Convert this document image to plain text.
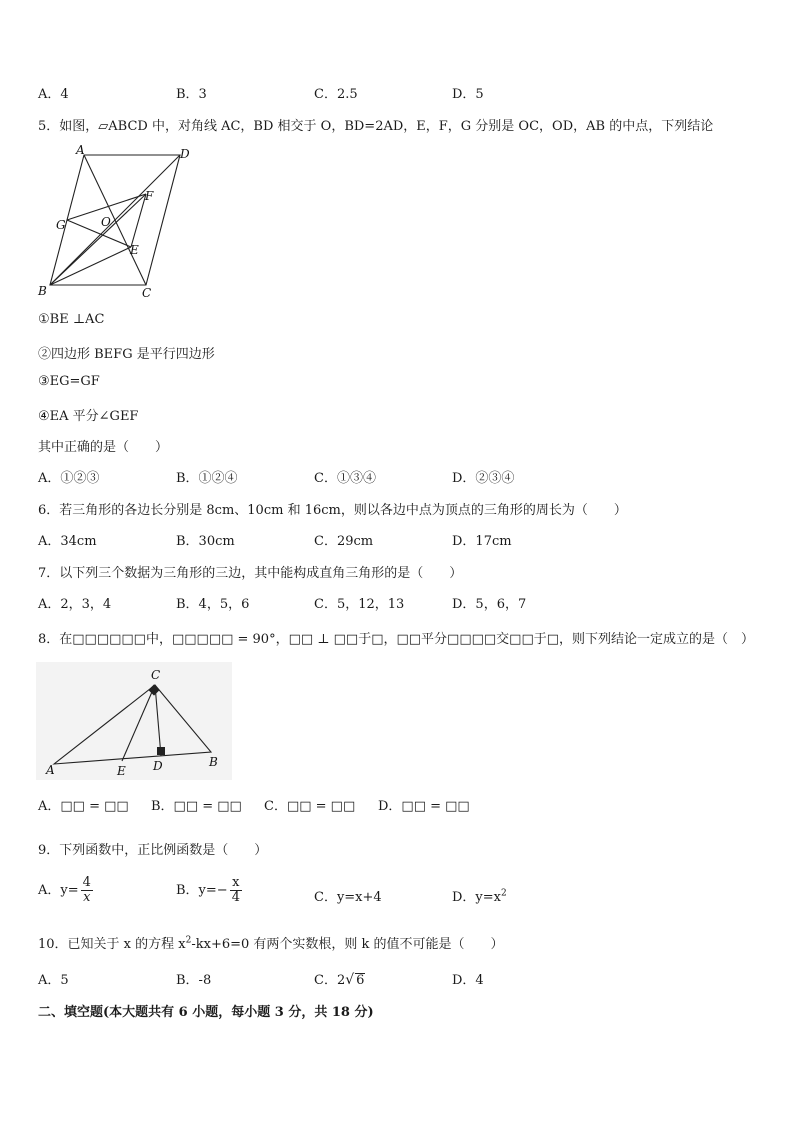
A．4	B．3	C．2.5	D．5
5．如图，▱ABCD 中，对角线 AC，BD 相交于 O，BD=2AD，E，F，G 分别是 OC，OD，AB 的中点，下列结论
A	D
F
G	O
E
B	C
①BE ⊥AC
②四边形 BEFG 是平行四边形
③EG=GF
④EA 平分∠GEF
其中正确的是（　　）
A．①②③	B．①②④	C．①③④	D．②③④
6．若三角形的各边长分别是 8cm、10cm 和 16cm，则以各边中点为顶点的三角形的周长为（　　）
A．34cm	B．30cm	C．29cm	D．17cm
7．以下列三个数据为三角形的三边，其中能构成直角三角形的是（　　）
A．2，3，4	B．4，5，6	C．5，12，13	D．5，6，7
8．在□□□□□□中，□□□□□ = 90°，□□ ⊥ □□于□，□□平分□□□□交□□于□，则下列结论一定成立的是（　）
C
A	E D	B
A．□□ = □□ B．□□ = □□ C．□□ = □□ D．□□ = □□
9．下列函数中，正比例函数是（　　）
A．$y= \frac{4}{x}$	B．$y=- \frac{x}{4}$	C．y=x+4	D．$y=x^2$
10．已知关于 x 的方程 $x^2-kx+6=0$ 有两个实数根，则 k 的值不可能是（　　）
A．5	B．-8	C．2√ 6	D．4
二、填空题(本大题共有 6 小题，每小题 3 分，共 18 分)
